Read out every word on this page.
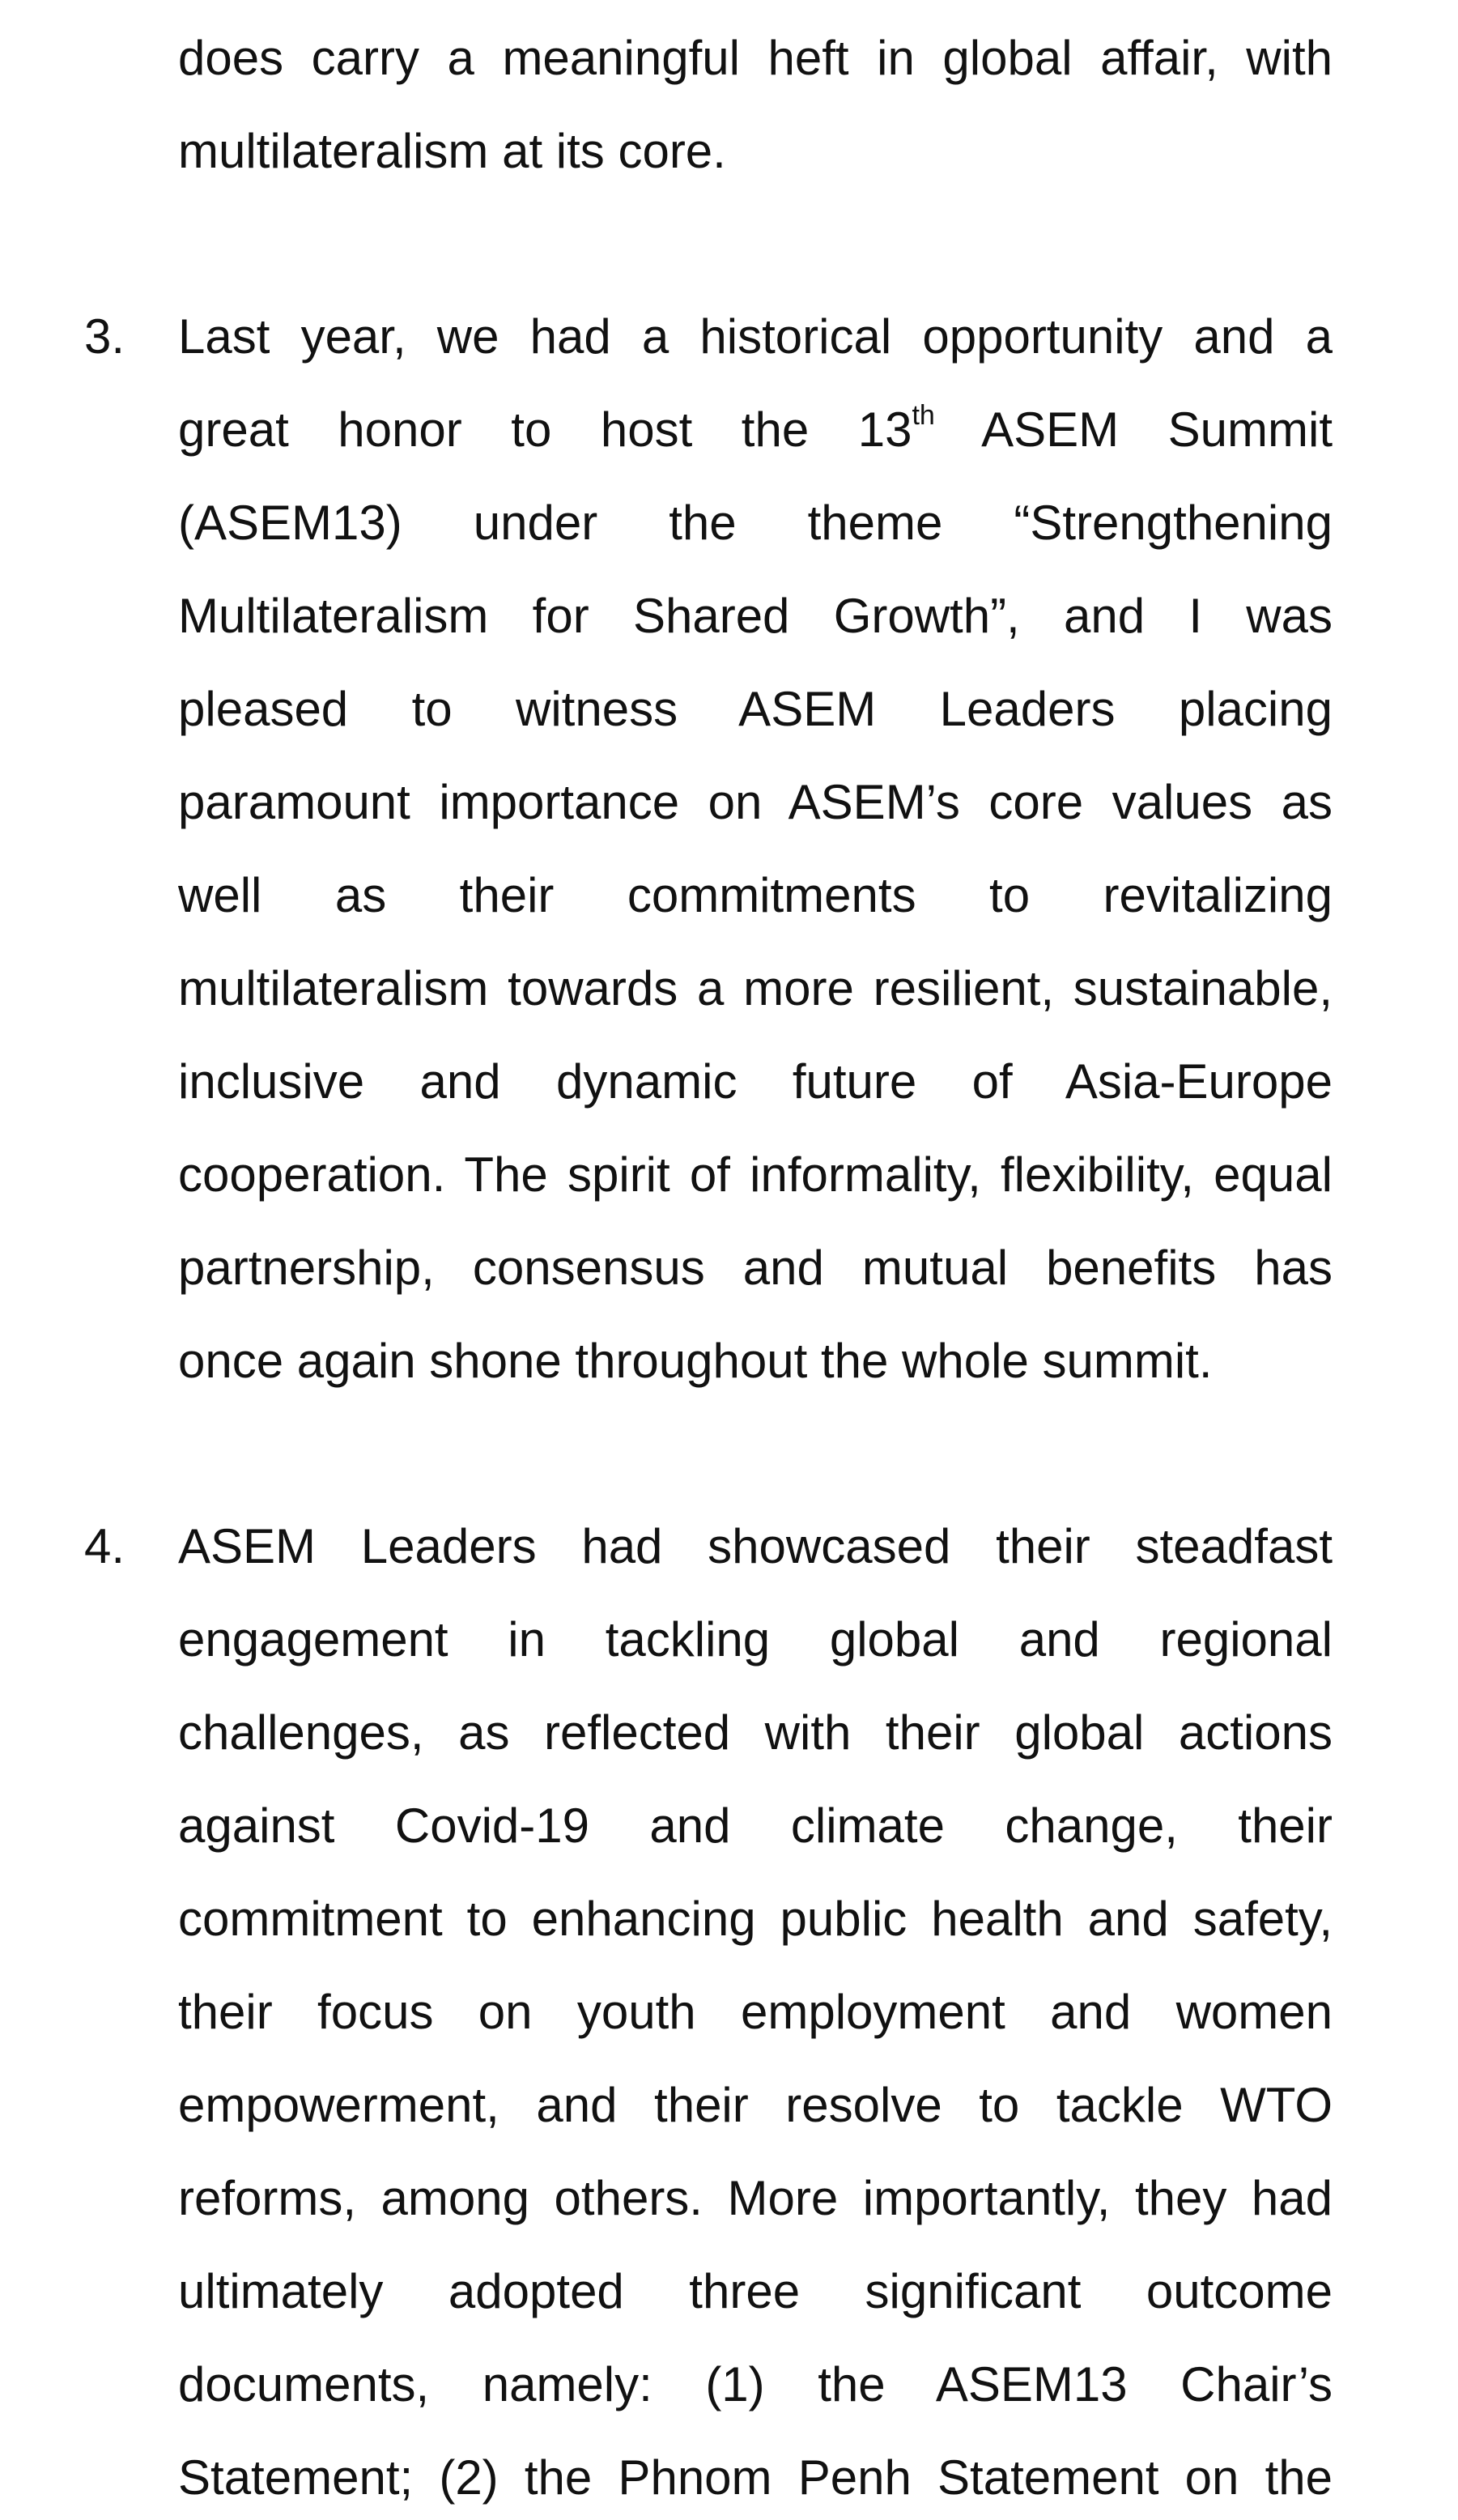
does carry a meaningful heft in global affair, with
multilateralism at its core.
3. Last year, we had a historical opportunity and a
great honor to host the 13th ASEM Summit
(ASEM13) under the theme “Strengthening
Multilateralism for Shared Growth”, and I was
pleased to witness ASEM Leaders placing
paramount importance on ASEM’s core values as
well as their commitments to revitalizing
multilateralism towards a more resilient, sustainable,
inclusive and dynamic future of Asia-Europe
cooperation. The spirit of informality, flexibility, equal
partnership, consensus and mutual benefits has
once again shone throughout the whole summit.
4. ASEM Leaders had showcased their steadfast
engagement in tackling global and regional
challenges, as reflected with their global actions
against Covid-19 and climate change, their
commitment to enhancing public health and safety,
their focus on youth employment and women
empowerment, and their resolve to tackle WTO
reforms, among others. More importantly, they had
ultimately adopted three significant outcome
documents, namely: (1) the ASEM13 Chair’s
Statement; (2) the Phnom Penh Statement on the
